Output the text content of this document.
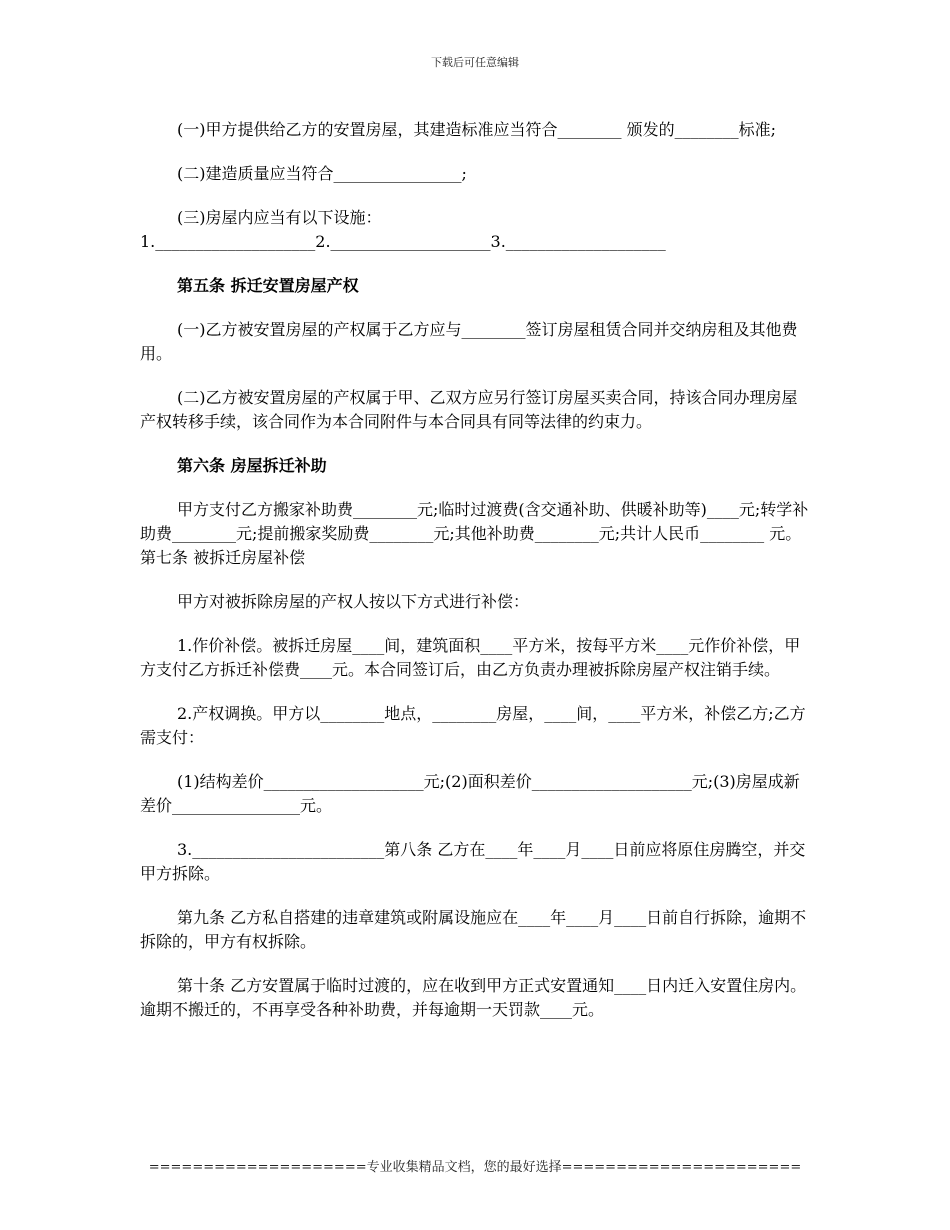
下载后可任意编辑

(一)甲方提供给乙方的安置房屋，其建造标准应当符合________ 颁发的________标准;

(二)建造质量应当符合________________;

(三)房屋内应当有以下设施：

1.____________________2.____________________3.____________________

第五条 拆迁安置房屋产权

(一)乙方被安置房屋的产权属于乙方应与________签订房屋租赁合同并交纳房租及其他费用。

(二)乙方被安置房屋的产权属于甲、乙双方应另行签订房屋买卖合同，持该合同办理房屋产权转移手续，该合同作为本合同附件与本合同具有同等法律的约束力。

第六条 房屋拆迁补助

甲方支付乙方搬家补助费________元;临时过渡费(含交通补助、供暖补助等)____元;转学补助费________元;提前搬家奖励费________元;其他补助费________元;共计人民币________ 元。第七条 被拆迁房屋补偿

甲方对被拆除房屋的产权人按以下方式进行补偿：

1.作价补偿。被拆迁房屋____间，建筑面积____平方米，按每平方米____元作价补偿，甲方支付乙方拆迁补偿费____元。本合同签订后，由乙方负责办理被拆除房屋产权注销手续。

2.产权调换。甲方以________地点，________房屋，____间，____平方米，补偿乙方;乙方需支付：

(1)结构差价____________________元;(2)面积差价____________________元;(3)房屋成新差价________________元。

3.________________________第八条 乙方在____年____月____日前应将原住房腾空，并交甲方拆除。

第九条 乙方私自搭建的违章建筑或附属设施应在____年____月____日前自行拆除，逾期不拆除的，甲方有权拆除。

第十条 乙方安置属于临时过渡的，应在收到甲方正式安置通知____日内迁入安置住房内。逾期不搬迁的，不再享受各种补助费，并每逾期一天罚款____元。

====================专业收集精品文档，您的最好选择======================
